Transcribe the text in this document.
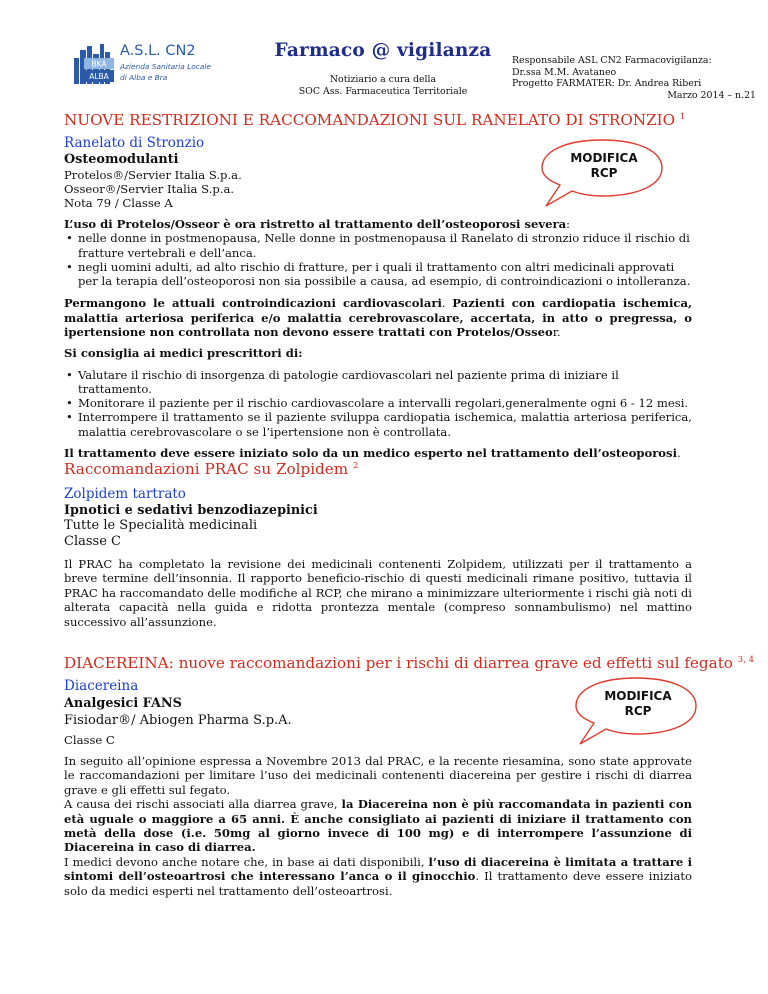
BKA
ALBA
A.S.L. CN2
Azienda Sanitaria Locale
di Alba e Bra
Farmaco @ vigilanza
Notiziario a cura della
SOC Ass. Farmaceutica Territoriale
Responsabile ASL CN2 Farmacovigilanza:
Dr.ssa M.M. Avataneo
Progetto FARMATER: Dr. Andrea Riberi
Marzo 2014 – n.21
NUOVE RESTRIZIONI E RACCOMANDAZIONI SUL RANELATO DI STRONZIO $^1$
Ranelato di Stronzio
Osteomodulanti
Protelos®/Servier Italia S.p.a.
Osseor®/Servier Italia S.p.a.
Nota 79 / Classe A
MODIFICA
RCP
L’uso di Protelos/Osseor è ora ristretto al trattamento dell’osteoporosi severa:
• nelle donne in postmenopausa, Nelle donne in postmenopausa il Ranelato di stronzio riduce il rischio di fratture vertebrali e dell’anca.
• negli uomini adulti, ad alto rischio di fratture, per i quali il trattamento con altri medicinali approvati per la terapia dell’osteoporosi non sia possibile a causa, ad esempio, di controindicazioni o intolleranza.
Permangono le attuali controindicazioni cardiovascolari. Pazienti con cardiopatia ischemica, malattia arteriosa periferica e/o malattia cerebrovascolare, accertata, in atto o pregressa, o ipertensione non controllata non devono essere trattati con Protelos/Osseor.
Si consiglia ai medici prescrittori di:
• Valutare il rischio di insorgenza di patologie cardiovascolari nel paziente prima di iniziare il trattamento.
• Monitorare il paziente per il rischio cardiovascolare a intervalli regolari,generalmente ogni 6 - 12 mesi.
• Interrompere il trattamento se il paziente sviluppa cardiopatia ischemica, malattia arteriosa periferica, malattia cerebrovascolare o se l’ipertensione non è controllata.
Il trattamento deve essere iniziato solo da un medico esperto nel trattamento dell’osteoporosi.
Raccomandazioni PRAC su Zolpidem $^2$
Zolpidem tartrato
Ipnotici e sedativi benzodiazepinici
Tutte le Specialità medicinali
Classe C
Il PRAC ha completato la revisione dei medicinali contenenti Zolpidem, utilizzati per il trattamento a breve termine dell’insonnia. Il rapporto beneficio-rischio di questi medicinali rimane positivo, tuttavia il PRAC ha raccomandato delle modifiche al RCP, che mirano a minimizzare ulteriormente i rischi già noti di alterata capacità nella guida e ridotta prontezza mentale (compreso sonnambulismo) nel mattino successivo all’assunzione.
DIACEREINA: nuove raccomandazioni per i rischi di diarrea grave ed effetti sul fegato $^{3, 4}$
Diacereina
Analgesici FANS
Fisiodar®/ Abiogen Pharma S.p.A.
Classe C
MODIFICA
RCP
In seguito all’opinione espressa a Novembre 2013 dal PRAC, e la recente riesamina, sono state approvate le raccomandazioni per limitare l’uso dei medicinali contenenti diacereina per gestire i rischi di diarrea grave e gli effetti sul fegato.
A causa dei rischi associati alla diarrea grave, la Diacereina non è più raccomandata in pazienti con età uguale o maggiore a 65 anni. È anche consigliato ai pazienti di iniziare il trattamento con metà della dose (i.e. 50mg al giorno invece di 100 mg) e di interrompere l’assunzione di Diacereina in caso di diarrea.
I medici devono anche notare che, in base ai dati disponibili, l’uso di diacereina è limitata a trattare i sintomi dell’osteoartrosi che interessano l’anca o il ginocchio. Il trattamento deve essere iniziato solo da medici esperti nel trattamento dell’osteoartrosi.
